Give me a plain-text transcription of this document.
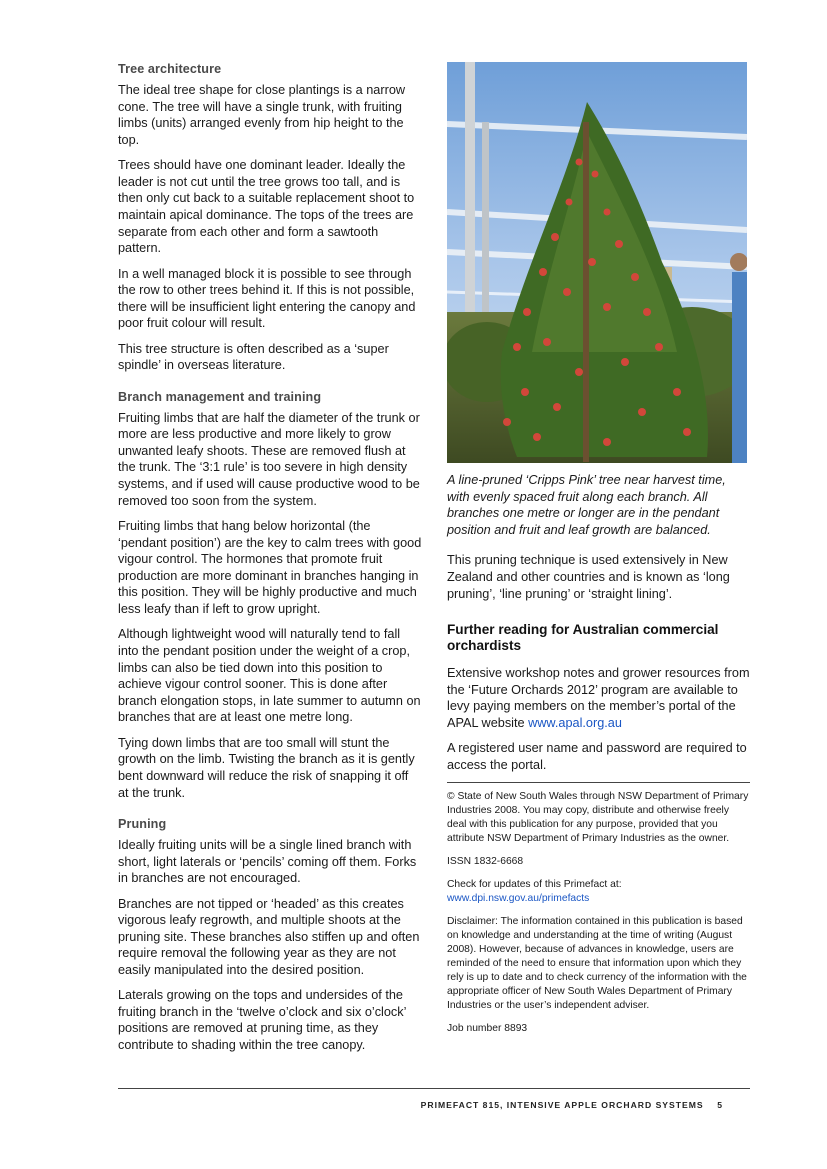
Tree architecture

The ideal tree shape for close plantings is a narrow cone. The tree will have a single trunk, with fruiting limbs (units) arranged evenly from hip height to the top.

Trees should have one dominant leader. Ideally the leader is not cut until the tree grows too tall, and is then only cut back to a suitable replacement shoot to maintain apical dominance. The tops of the trees are separate from each other and form a sawtooth pattern.

In a well managed block it is possible to see through the row to other trees behind it. If this is not possible, there will be insufficient light entering the canopy and poor fruit colour will result.

This tree structure is often described as a ‘super spindle’ in overseas literature.

Branch management and training

Fruiting limbs that are half the diameter of the trunk or more are less productive and more likely to grow unwanted leafy shoots. These are removed flush at the trunk. The ‘3:1 rule’ is too severe in high density systems, and if used will cause productive wood to be removed too soon from the system.

Fruiting limbs that hang below horizontal (the ‘pendant position’) are the key to calm trees with good vigour control. The hormones that promote fruit production are more dominant in branches hanging in this position. They will be highly productive and much less leafy than if left to grow upright.

Although lightweight wood will naturally tend to fall into the pendant position under the weight of a crop, limbs can also be tied down into this position to achieve vigour control sooner. This is done after branch elongation stops, in late summer to autumn on branches that are at least one metre long.

Tying down limbs that are too small will stunt the growth on the limb. Twisting the branch as it is gently bent downward will reduce the risk of snapping it off at the trunk.

Pruning

Ideally fruiting units will be a single lined branch with short, light laterals or ‘pencils’ coming off them. Forks in branches are not encouraged.

Branches are not tipped or ‘headed’ as this creates vigorous leafy regrowth, and multiple shoots at the pruning site. These branches also stiffen up and often require removal the following year as they are not easily manipulated into the desired position.

Laterals growing on the tops and undersides of the fruiting branch in the ‘twelve o’clock and six o’clock’ positions are removed at pruning time, as they contribute to shading within the tree canopy.

A line-pruned ‘Cripps Pink’ tree near harvest time, with evenly spaced fruit along each branch. All branches one metre or longer are in the pendant position and fruit and leaf growth are balanced.

This pruning technique is used extensively in New Zealand and other countries and is known as ‘long pruning’, ‘line pruning’ or ‘straight lining’.

Further reading for Australian commercial orchardists

Extensive workshop notes and grower resources from the ‘Future Orchards 2012’ program are available to levy paying members on the member’s portal of the APAL website www.apal.org.au

A registered user name and password are required to access the portal.

© State of New South Wales through NSW Department of Primary Industries 2008. You may copy, distribute and otherwise freely deal with this publication for any purpose, provided that you attribute NSW Department of Primary Industries as the owner.

ISSN 1832-6668

Check for updates of this Primefact at:
www.dpi.nsw.gov.au/primefacts

Disclaimer: The information contained in this publication is based on knowledge and understanding at the time of writing (August 2008). However, because of advances in knowledge, users are reminded of the need to ensure that information upon which they rely is up to date and to check currency of the information with the appropriate officer of New South Wales Department of Primary Industries or the user’s independent adviser.

Job number 8893

PRIMEFACT 815, INTENSIVE APPLE ORCHARD SYSTEMS 5
